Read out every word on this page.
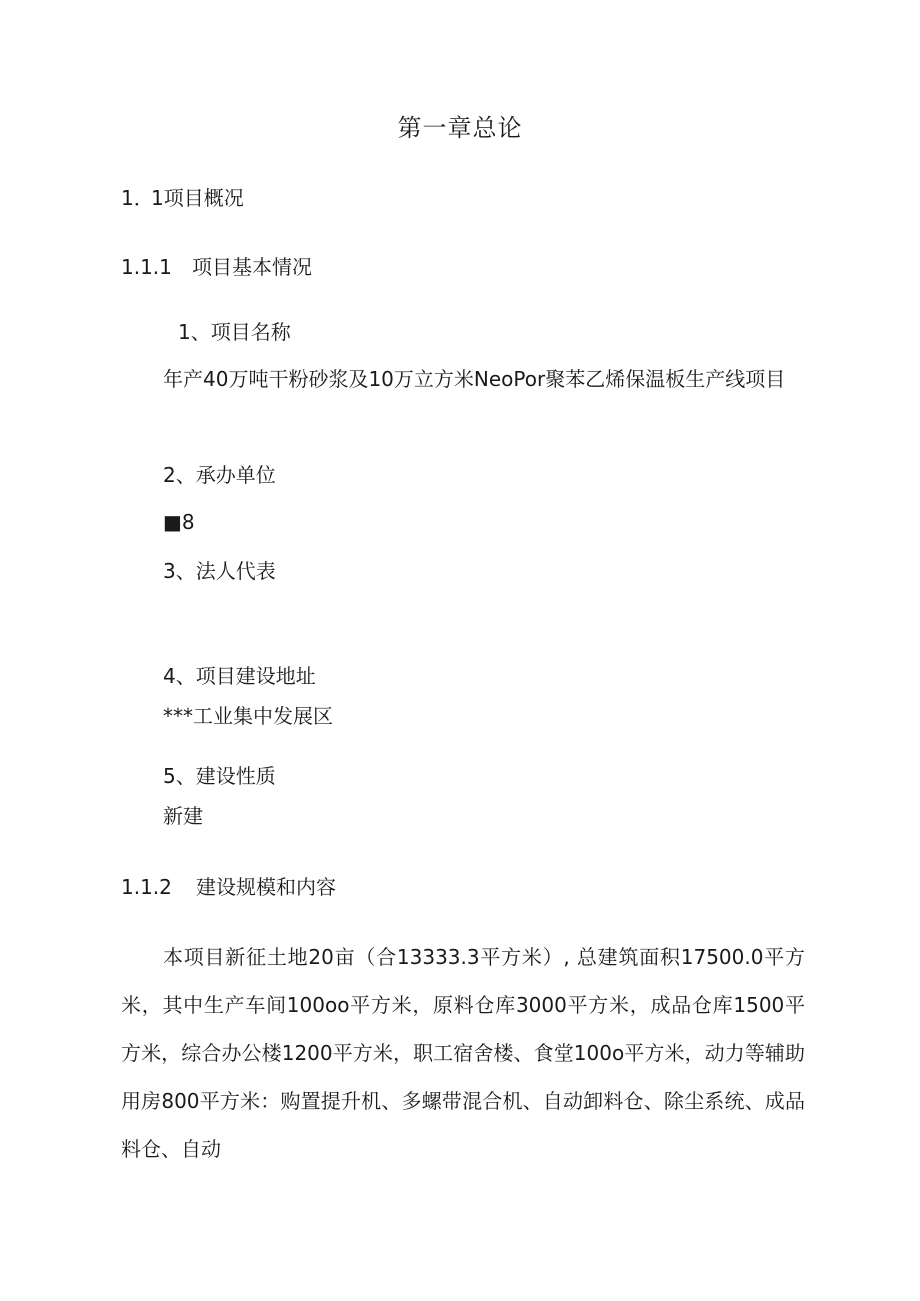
第一章总论
1．1项目概况
1.1.1 项目基本情况
1、项目名称

年产40万吨干粉砂浆及10万立方米NeoPor聚苯乙烯保温板生产线项目

2、承办单位
■8
3、法人代表
4、项目建设地址
***工业集中发展区
5、建设性质
新建
1.1.2 建设规模和内容

本项目新征土地20亩（合13333.3平方米）, 总建筑面积17500.0平方米，其中生产车间100oo平方米，原料仓库3000平方米，成品仓库1500平方米，综合办公楼1200平方米，职工宿舍楼、食堂100o平方米，动力等辅助用房800平方米：购置提升机、多螺带混合机、自动卸料仓、除尘系统、成品料仓、自动
